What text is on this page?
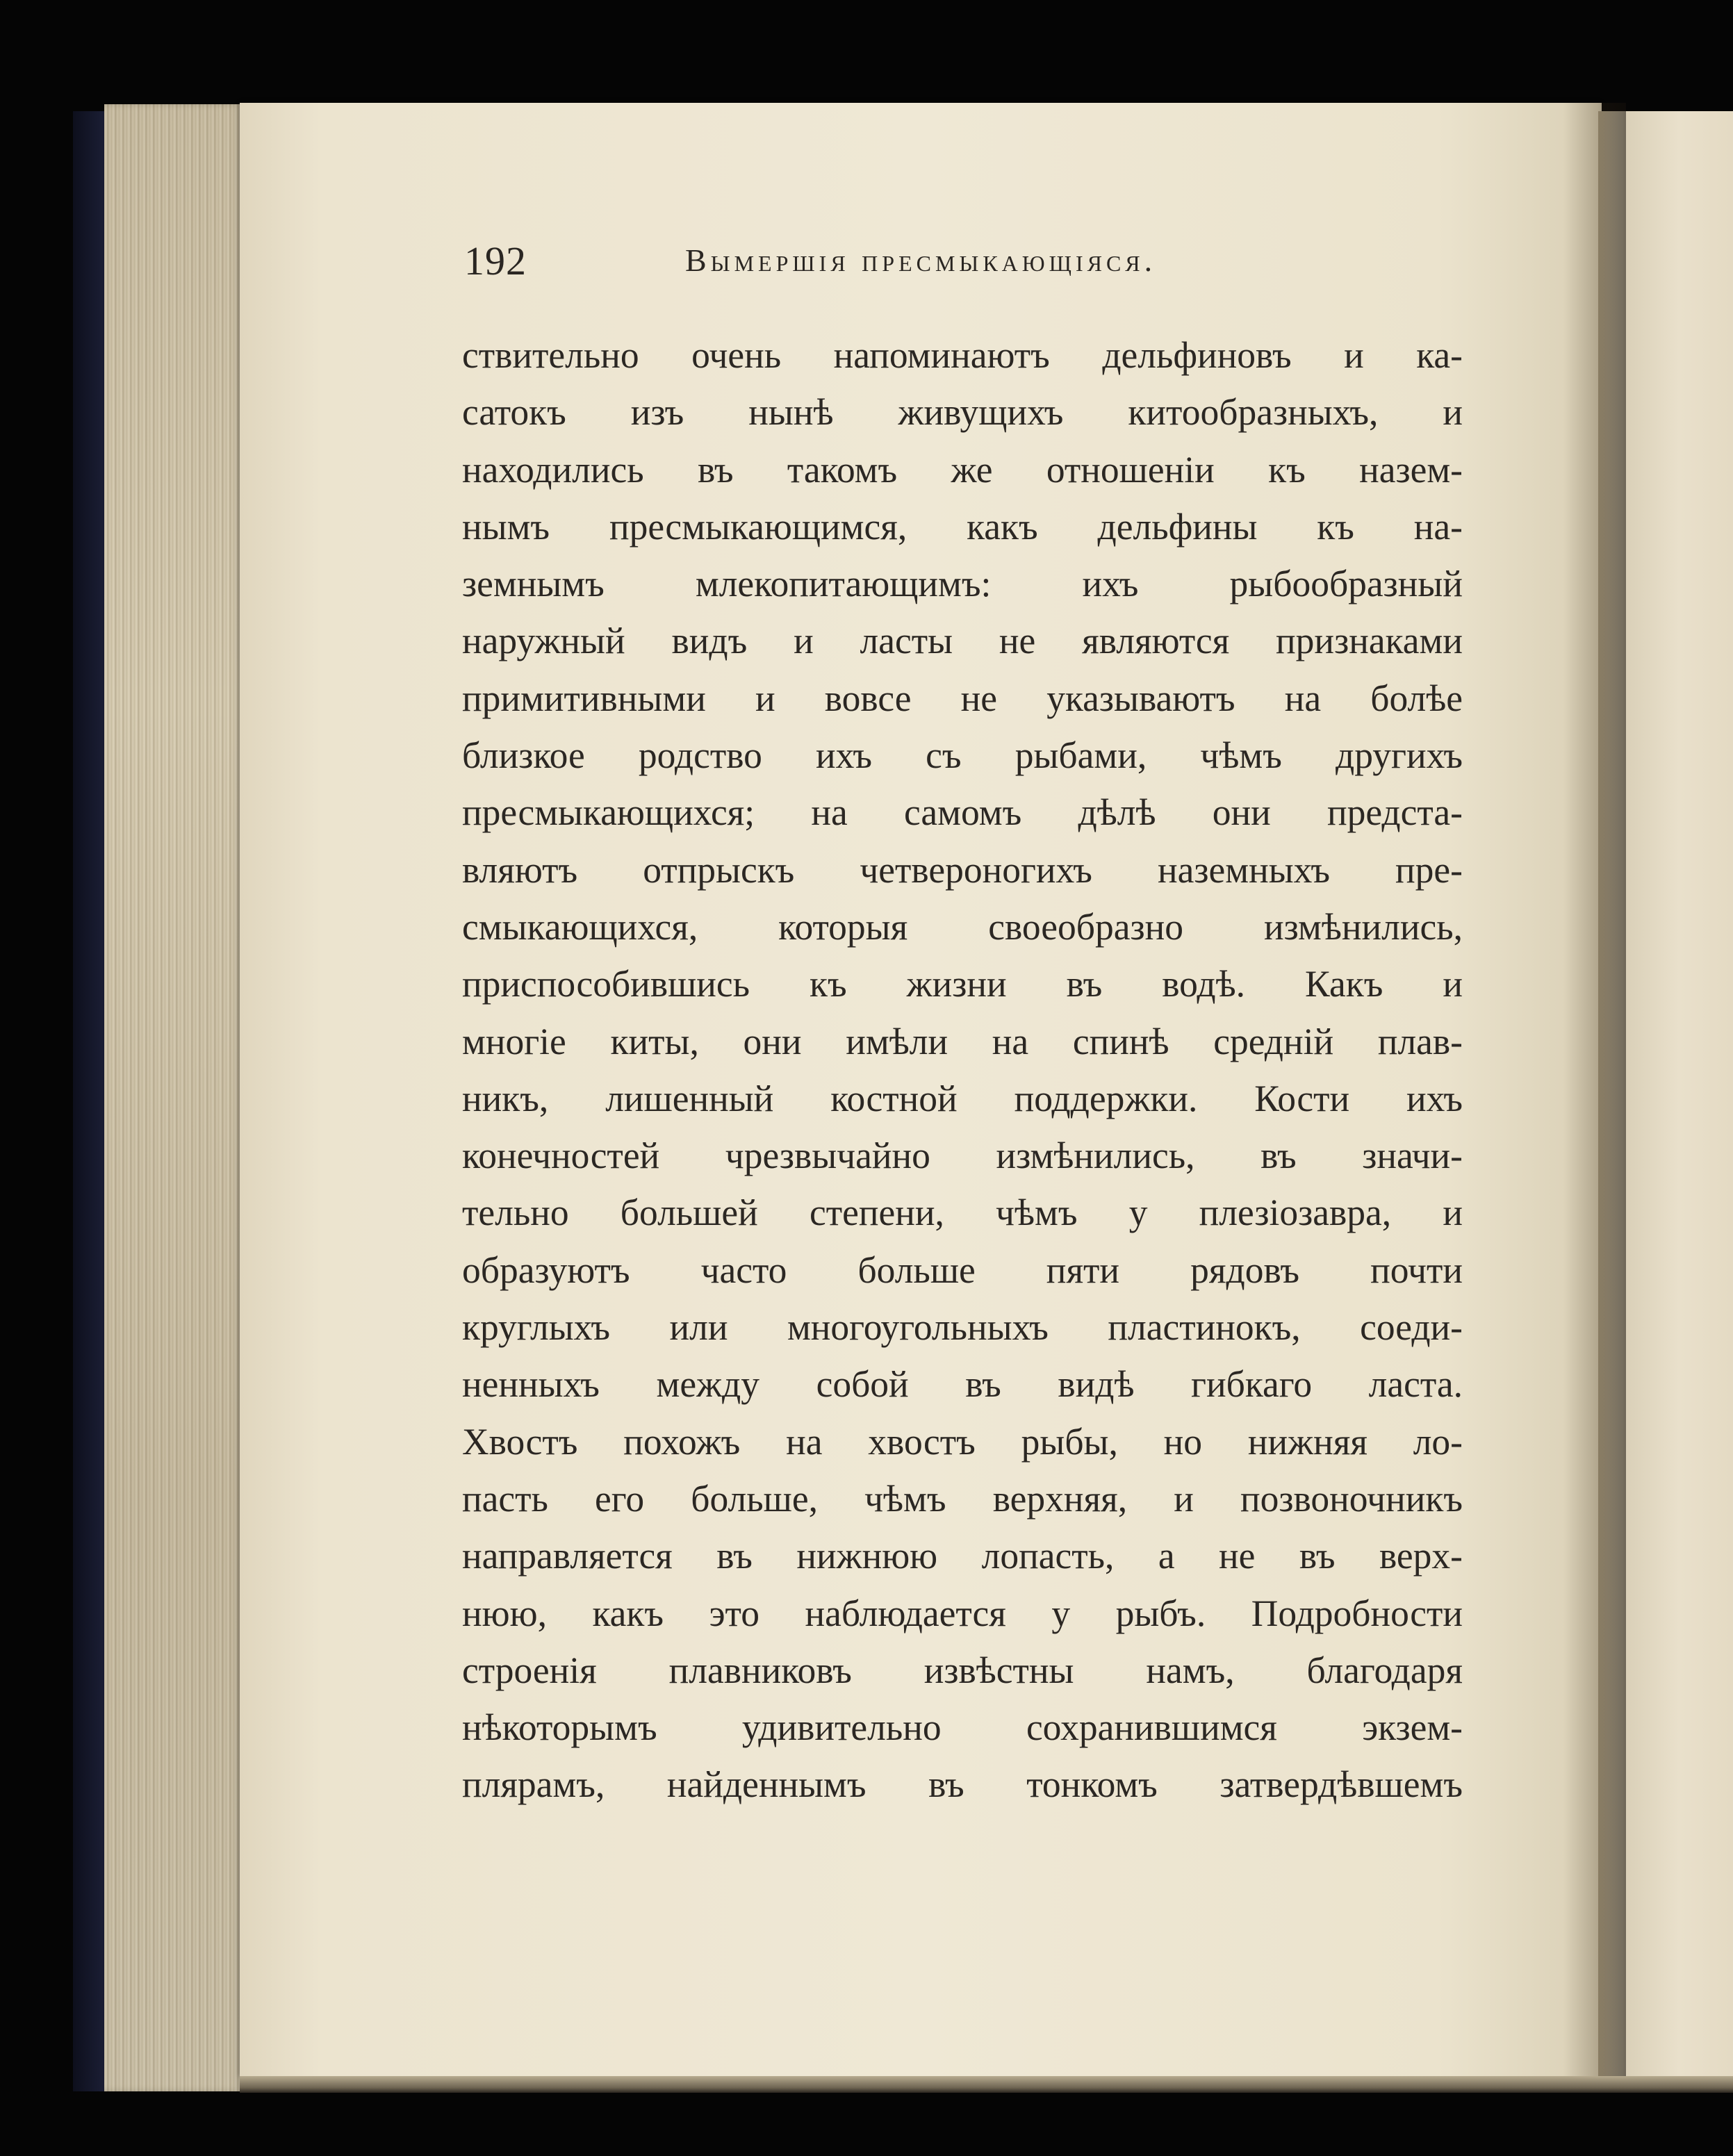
192	Вымершія пресмыкающіяся.
ствительно очень напоминаютъ дельфиновъ и ка-
сатокъ изъ нынѣ живущихъ китообразныхъ, и
находились въ такомъ же отношеніи къ назем-
нымъ пресмыкающимся, какъ дельфины къ на-
земнымъ млекопитающимъ: ихъ рыбообразный
наружный видъ и ласты не являются признаками
примитивными и вовсе не указываютъ на болѣе
близкое родство ихъ съ рыбами, чѣмъ другихъ
пресмыкающихся; на самомъ дѣлѣ они предста-
вляютъ отпрыскъ четвероногихъ наземныхъ пре-
смыкающихся, которыя своеобразно измѣнились,
приспособившись къ жизни въ водѣ. Какъ и
многіе киты, они имѣли на спинѣ средній плав-
никъ, лишенный костной поддержки. Кости ихъ
конечностей чрезвычайно измѣнились, въ значи-
тельно большей степени, чѣмъ у плезіозавра, и
образуютъ часто больше пяти рядовъ почти
круглыхъ или многоугольныхъ пластинокъ, соеди-
ненныхъ между собой въ видѣ гибкаго ласта.
Хвостъ похожъ на хвостъ рыбы, но нижняя ло-
пасть его больше, чѣмъ верхняя, и позвоночникъ
направляется въ нижнюю лопасть, а не въ верх-
нюю, какъ это наблюдается у рыбъ. Подробности
строенія плавниковъ извѣстны намъ, благодаря
нѣкоторымъ удивительно сохранившимся экзем-
плярамъ, найденнымъ въ тонкомъ затвердѣвшемъ
